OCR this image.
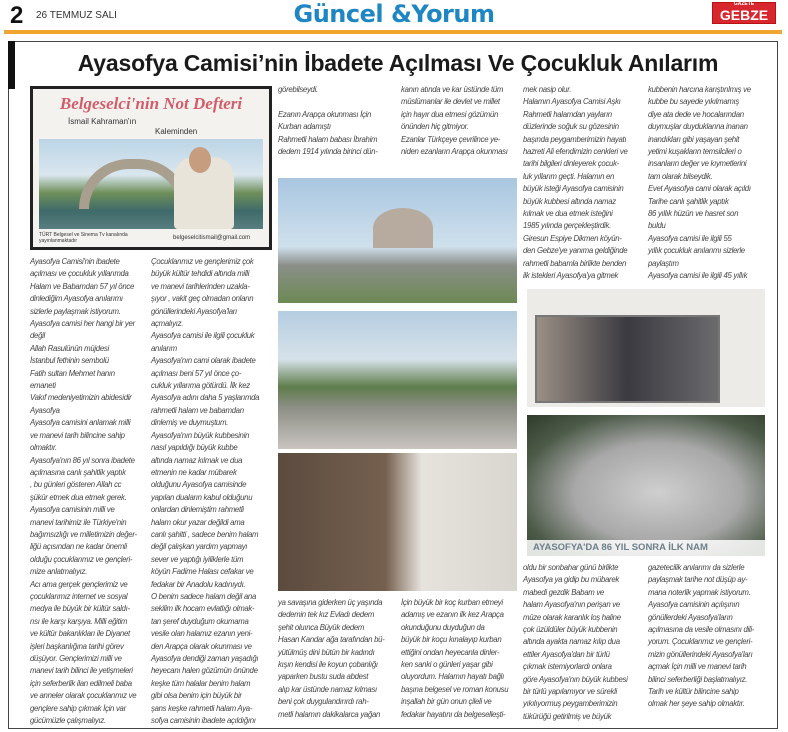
2 26 TEMMUZ SALI	Güncel &Yorum	GAZETE
GEBZE
Ayasofya Camisi’nin İbadete Açılması Ve Çocukluk Anılarım
Belgeselci'nin Not Defteri
İsmail Kahraman'ın
Kaleminden
TÜRT Belgesel ve Sinema Tv kanalında yayınlanmaktadır	belgeselcitismail@gmail.com
AYASOFYA'DA 86 YIL SONRA İLK NAM
Ayasofya Camisi'nin ibadete
açılması ve çocukluk yıllarımda
Halam ve Babamdan 57 yıl önce
dinlediğim Ayasofya anılarımı
sizlerle paylaşmak istiyorum.
Ayasofya camisi her hangi bir yer
değil
Allah Rasulünün müjdesi
İstanbul fethinin sembolü
Fatih sultan Mehmet hanın
emaneti
Vakıf medeniyetimizin abidesidir
Ayasofya
Ayasofya camisini anlamak milli
ve manevi tarih bilincine sahip
olmaktır.
Ayasofya'nın 86 yıl sonra ibadete
açılmasına canlı şahitlik yaptık
, bu günleri gösteren Allah cc
şükür etmek dua etmek gerek.
Ayasofya camisinin milli ve
manevi tarihimiz ile Türkiye'nin
bağımsızlığı ve milletimizin değer-
liğü açısından ne kadar önemli
olduğu çocuklarımız ve gençleri-
mize anlatmalıyız.
Acı ama gerçek gençlerimiz ve
çocuklarımız internet ve sosyal
medya ile büyük bir kültür saldı-
rısı ile karşı karşıya. Milli eğitim
ve kültür bakanlıkları ile Diyanet
işleri başkanlığına tarihi görev
düşüyor. Gençlerimizi milli ve
manevi tarih bilinci ile yetişmeleri
için seferberlik ilan edilmeli baba
ve anneler olarak çocuklarımız ve
gençlere sahip çıkmak İçin var
gücümüzle çalışmalıyız.
Çocuklarımız ve gençlerimiz çok
büyük kültür tehdidi altında milli
ve manevi tarihlerinden uzakla-
şıyor , vakit geç olmadan onların
gönüllerindeki Ayasofya'ları
açmalıyız.
Ayasofya camisi ile ilgili çocukluk
anılarım
Ayasofya'nın cami olarak ibadete
açılması beni 57 yıl önce ço-
cukluk yıllarıma götürdü. İlk kez
Ayasofya adını daha 5 yaşlarımda
rahmetli halam ve babamdan
dinlemiş ve duymuştum.
Ayasofya'nın büyük kubbesinin
nasıl yapıldığı büyük kubbe
altında namaz kılmak ve dua
etmenin ne kadar mübarek
olduğunu Ayasofya camisinde
yapılan duaların kabul olduğunu
onlardan dinlemiştim rahmetli
halam okur yazar değildi ama
canlı şahitti , sadece benim halam
değil çalışkan yardım yapmayı
sever ve yaptığı iyiliklerle tüm
köyün Fadime Halası cefakar ve
fedakar bir Anadolu kadınıydı.
O benim sadece halam değil ana
sekilim ilk hocam evlatlığı olmak-
tan şeref duyduğum okumama
vesile olan halamız ezanın yeni-
den Arapça olarak okunması ve
Ayasofya dendiği zaman yaşadığı
heyecanı halen gözümün önünde
keşke tüm halalar benim halam
gibi olsa benim için büyük bir
şans keşke rahmetli halam Aya-
sofya camisinin ibadete açıldığını
görebilseydi.
Ezanın Arapça okunması İçin
Kurban adamıştı
Rahmetli halam babası İbrahim
dedem 1914 yılında birinci dün-
kanın atında ve kar üstünde tüm
müslümanlar ile devlet ve millet
için hayır dua etmesi gözümün
önünden hiç gitmiyor.
Ezanlar Türkçeye çevrilince ye-
niden ezanların Arapça okunması
mek nasip olur.
Halamın Ayasofya Camisi Aşkı
Rahmetli halamdan yayların
düzlerinde soğuk su gözesinin
başında peygamberimizin hayatı
hazreti Ali efendimizin cenkleri ve
tarihi bilgileri dinleyerek çocuk-
luk yıllarım geçti. Halamın en
büyük isteği Ayasofya camisinin
büyük kubbesi altında namaz
kılmak ve dua etmek isteğini
1985 yılında gerçekleştirdik.
Giresun Espiye Dikmen köyün-
den Gebze'ye yanıma geldiğinde
rahmetli babamla birlikte benden
ilk istekleri Ayasofya'ya gitmek
kubbenin harcına karıştırılmış ve
kubbe bu sayede yıkılmamış
diye ata dede ve hocalarından
duymuşlar duyduklarına inanan
inandıkları gibi yaşayan şehit
yetimi kuşakların temsilcileri o
insanların değer ve kıymetlerini
tam olarak bilseydik.
Evet Ayasofya cami olarak açıldı
Tarihe canlı şahitlik yaptık
86 yıllık hüzün ve hasret son
buldu
Ayasofya camisi ile ilgili 55
yıllık çocukluk anılarımı sizlerle
paylaştım
Ayasofya camisi ile ilgili 45 yıllık
ya savaşına giderken üç yaşında
dedemin tek kız Evladı dedem
şehit oluınca Büyük dedem
Hasan Kandar ağa tarafından bü-
yütülmüş dini bütün bir kadındı
kışın kendisi ile koyun çobanlığı
yaparken bustu suda abdest
alıp kar üstünde namaz kılması
beni çok duygulandırırdı rah-
metli halamın dakikalarca yağan
İçin büyük bir koç kurban etmeyi
adamış ve ezanın ilk kez Arapça
okunduğunu duyduğun da
büyük bir koçu kınalayıp kurban
ettiğini ondan heyecanla dinler-
ken sanki o günleri yaşar gibi
oluyordum. Halamın hayatı bağlı
başına belgesel ve roman konusu
inşallah bir gün onun çileli ve
fedakar hayatını da belgeselleşti-
oldu bir sonbahar günü birlikte
Ayasofya ya gidip bu mübarek
mabedi gezdik Babam ve
halam Ayasofya'nın perişan ve
müze olarak karanlık loş haline
çok üzüldüler büyük kubbenin
altında ayakta namaz kılıp dua
ettiler Ayasofya'dan bir türlü
çıkmak istemiyorlardı onlara
göre Ayasofya'nın büyük kubbesi
bir türlü yapılamıyor ve sürekli
yıkılıyormuş peygamberimizin
tükürüğü getirilmiş ve büyük
gazetecilik anılarımı da sizlerle
paylaşmak tarihe not düşüp ay-
mana noterlik yapmak istiyorum.
Ayasofya camisinin açılışının
gönüllerdeki Ayasofya'ların
açılmasına da vesile olmasını dili-
yorum. Çocuklarımız ve gençleri-
mizin gönüllerindeki Ayasofya'ları
açmak İçin milli ve manevi tarih
bilinci seferberliği başlatmalıyız.
Tarih ve kültür bilincine sahip
olmak her şeye sahip olmaktır.
